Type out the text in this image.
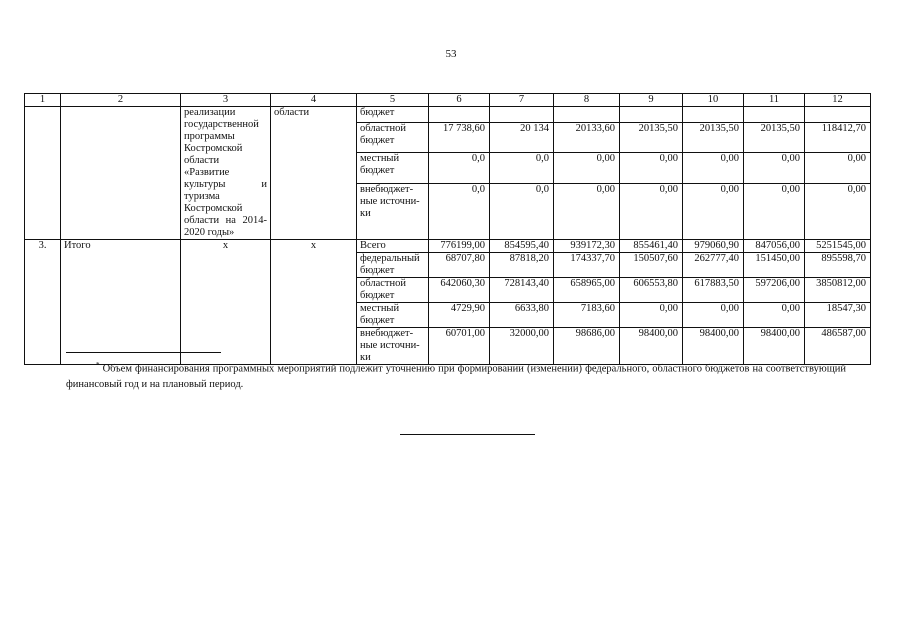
53
1	2	3	4	5	6	7	8	9	10	11	12
		реализации государственной программы Костромской области «Развитие культуры и туризма Костромской области на 2014-2020 годы»	области	бюджет							
				областной бюджет	17 738,60	20 134	20133,60	20135,50	20135,50	20135,50	118412,70
				местный бюджет	0,0	0,0	0,00	0,00	0,00	0,00	0,00

				внебюджет-
ные источни-
ки	0,0	0,0	0,00	0,00	0,00	0,00	0,00
3.	Итого	х	х	Всего	776199,00	854595,40	939172,30	855461,40	979060,90	847056,00	5251545,00
				федеральный бюджет	68707,80	87818,20	174337,70	150507,60	262777,40	151450,00	895598,70
				областной бюджет	642060,30	728143,40	658965,00	606553,80	617883,50	597206,00	3850812,00
				местный бюджет	4729,90	6633,80	7183,60	0,00	0,00	0,00	18547,30

				внебюджет-
ные источни-
ки	60701,00	32000,00	98686,00	98400,00	98400,00	98400,00	486587,00
* Объем финансирования программных мероприятий подлежит уточнению при формировании (изменении) федерального, областного бюджетов на соответствующий финансовый год и на плановый период.
